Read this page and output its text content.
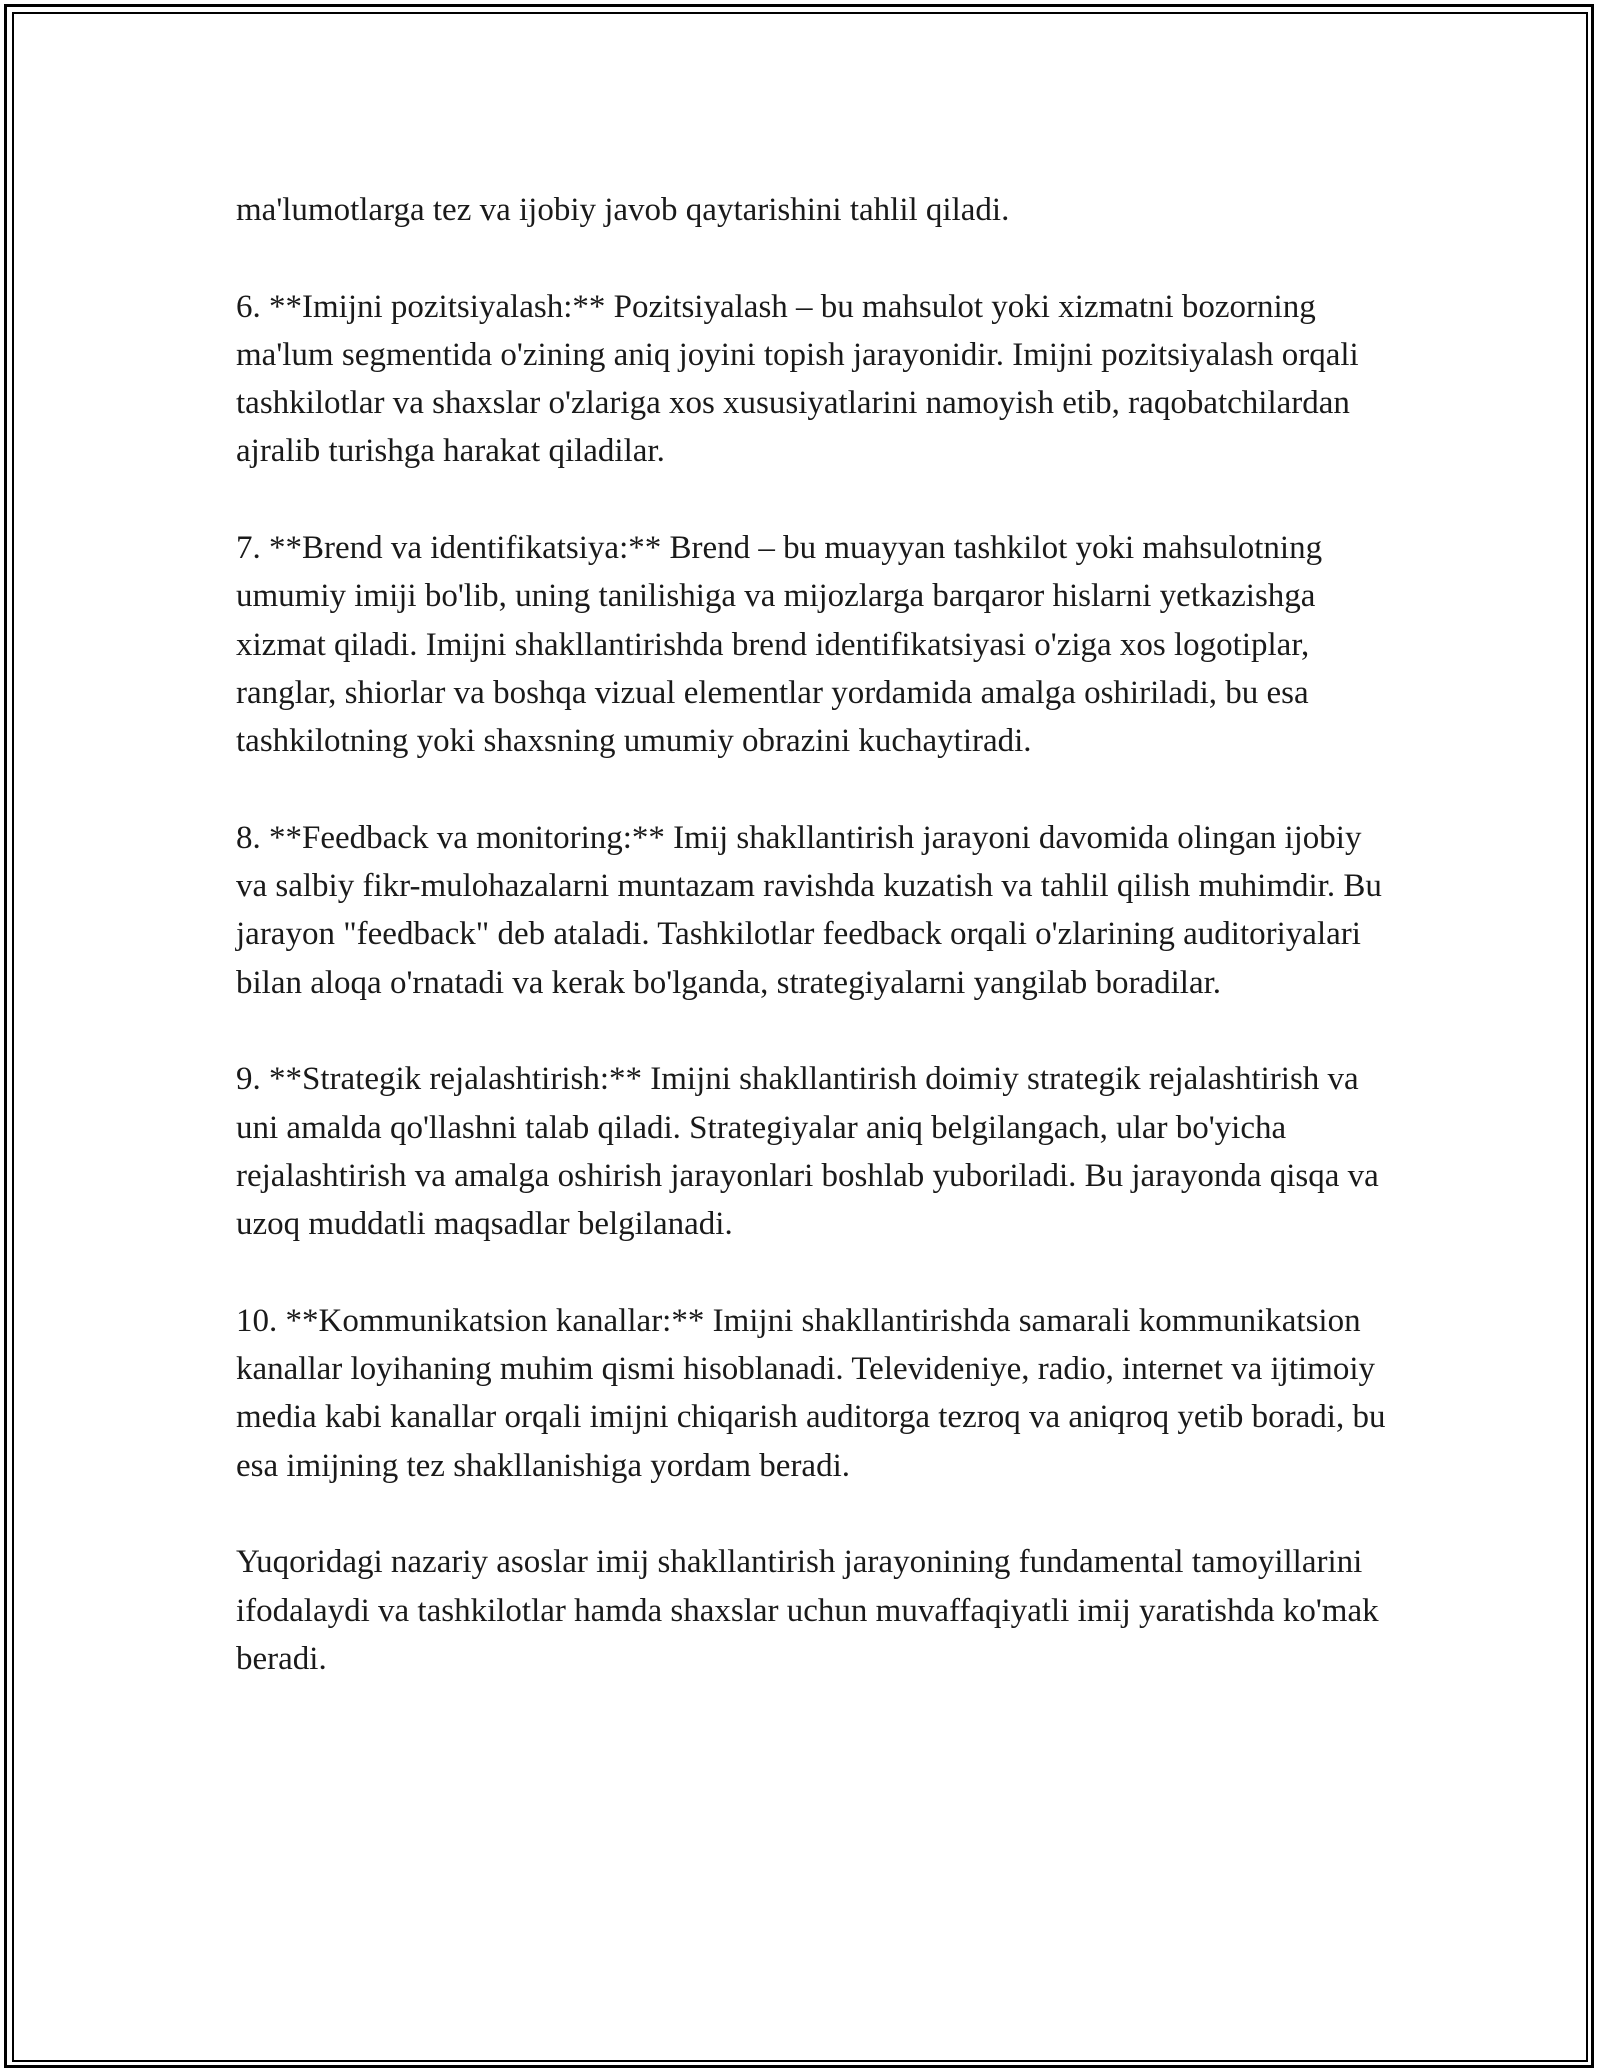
ma'lumotlarga tez va ijobiy javob qaytarishini tahlil qiladi.

6. **Imijni pozitsiyalash:** Pozitsiyalash – bu mahsulot yoki xizmatni bozorning ma'lum segmentida o'zining aniq joyini topish jarayonidir. Imijni pozitsiyalash orqali tashkilotlar va shaxslar o'zlariga xos xususiyatlarini namoyish etib, raqobatchilardan ajralib turishga harakat qiladilar.

7. **Brend va identifikatsiya:** Brend – bu muayyan tashkilot yoki mahsulotning umumiy imiji bo'lib, uning tanilishiga va mijozlarga barqaror hislarni yetkazishga xizmat qiladi. Imijni shakllantirishda brend identifikatsiyasi o'ziga xos logotiplar, ranglar, shiorlar va boshqa vizual elementlar yordamida amalga oshiriladi, bu esa tashkilotning yoki shaxsning umumiy obrazini kuchaytiradi.

8. **Feedback va monitoring:** Imij shakllantirish jarayoni davomida olingan ijobiy va salbiy fikr-mulohazalarni muntazam ravishda kuzatish va tahlil qilish muhimdir. Bu jarayon "feedback" deb ataladi. Tashkilotlar feedback orqali o'zlarining auditoriyalari bilan aloqa o'rnatadi va kerak bo'lganda, strategiyalarni yangilab boradilar.

9. **Strategik rejalashtirish:** Imijni shakllantirish doimiy strategik rejalashtirish va uni amalda qo'llashni talab qiladi. Strategiyalar aniq belgilangach, ular bo'yicha rejalashtirish va amalga oshirish jarayonlari boshlab yuboriladi. Bu jarayonda qisqa va uzoq muddatli maqsadlar belgilanadi.

10. **Kommunikatsion kanallar:** Imijni shakllantirishda samarali kommunikatsion kanallar loyihaning muhim qismi hisoblanadi. Televideniye, radio, internet va ijtimoiy media kabi kanallar orqali imijni chiqarish auditorga tezroq va aniqroq yetib boradi, bu esa imijning tez shakllanishiga yordam beradi.

Yuqoridagi nazariy asoslar imij shakllantirish jarayonining fundamental tamoyillarini ifodalaydi va tashkilotlar hamda shaxslar uchun muvaffaqiyatli imij yaratishda ko'mak beradi.
